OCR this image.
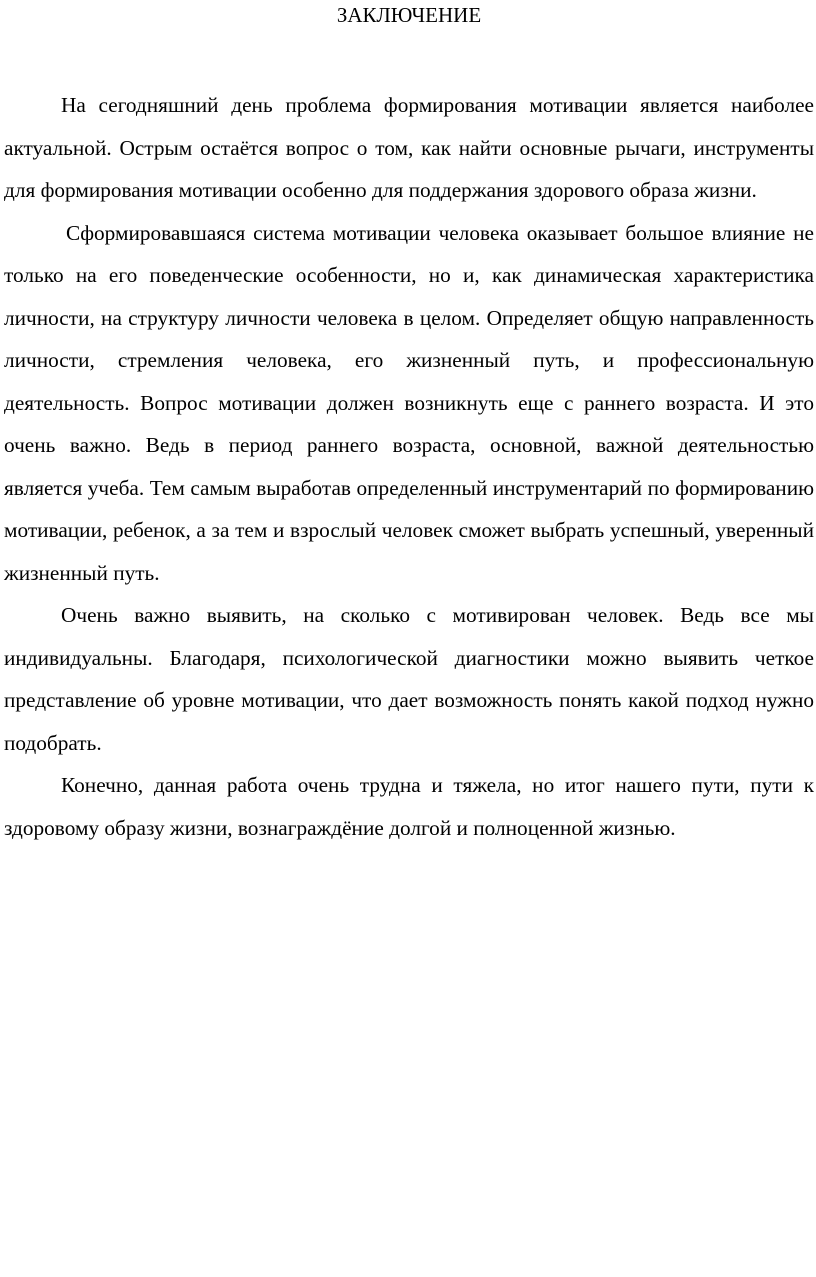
ЗАКЛЮЧЕНИЕ

На сегодняшний день проблема формирования мотивации является наиболее актуальной. Острым остаётся вопрос о том, как найти основные рычаги, инструменты для формирования мотивации особенно для поддержания здорового образа жизни.

Сформировавшаяся система мотивации человека оказывает большое влияние не только на его поведенческие особенности, но и, как динамическая характеристика личности, на структуру личности человека в целом. Определяет общую направленность личности, стремления человека, его жизненный путь, и профессиональную деятельность. Вопрос мотивации должен возникнуть еще с раннего возраста. И это очень важно. Ведь в период раннего возраста, основной, важной деятельностью является учеба. Тем самым выработав определенный инструментарий по формированию мотивации, ребенок, а за тем и взрослый человек сможет выбрать успешный, уверенный жизненный путь.

Очень важно выявить, на сколько с мотивирован человек. Ведь все мы индивидуальны. Благодаря, психологической диагностики можно выявить четкое представление об уровне мотивации, что дает возможность понять какой подход нужно подобрать.

Конечно, данная работа очень трудна и тяжела, но итог нашего пути, пути к здоровому образу жизни, вознаграждёние долгой и полноценной жизнью.
